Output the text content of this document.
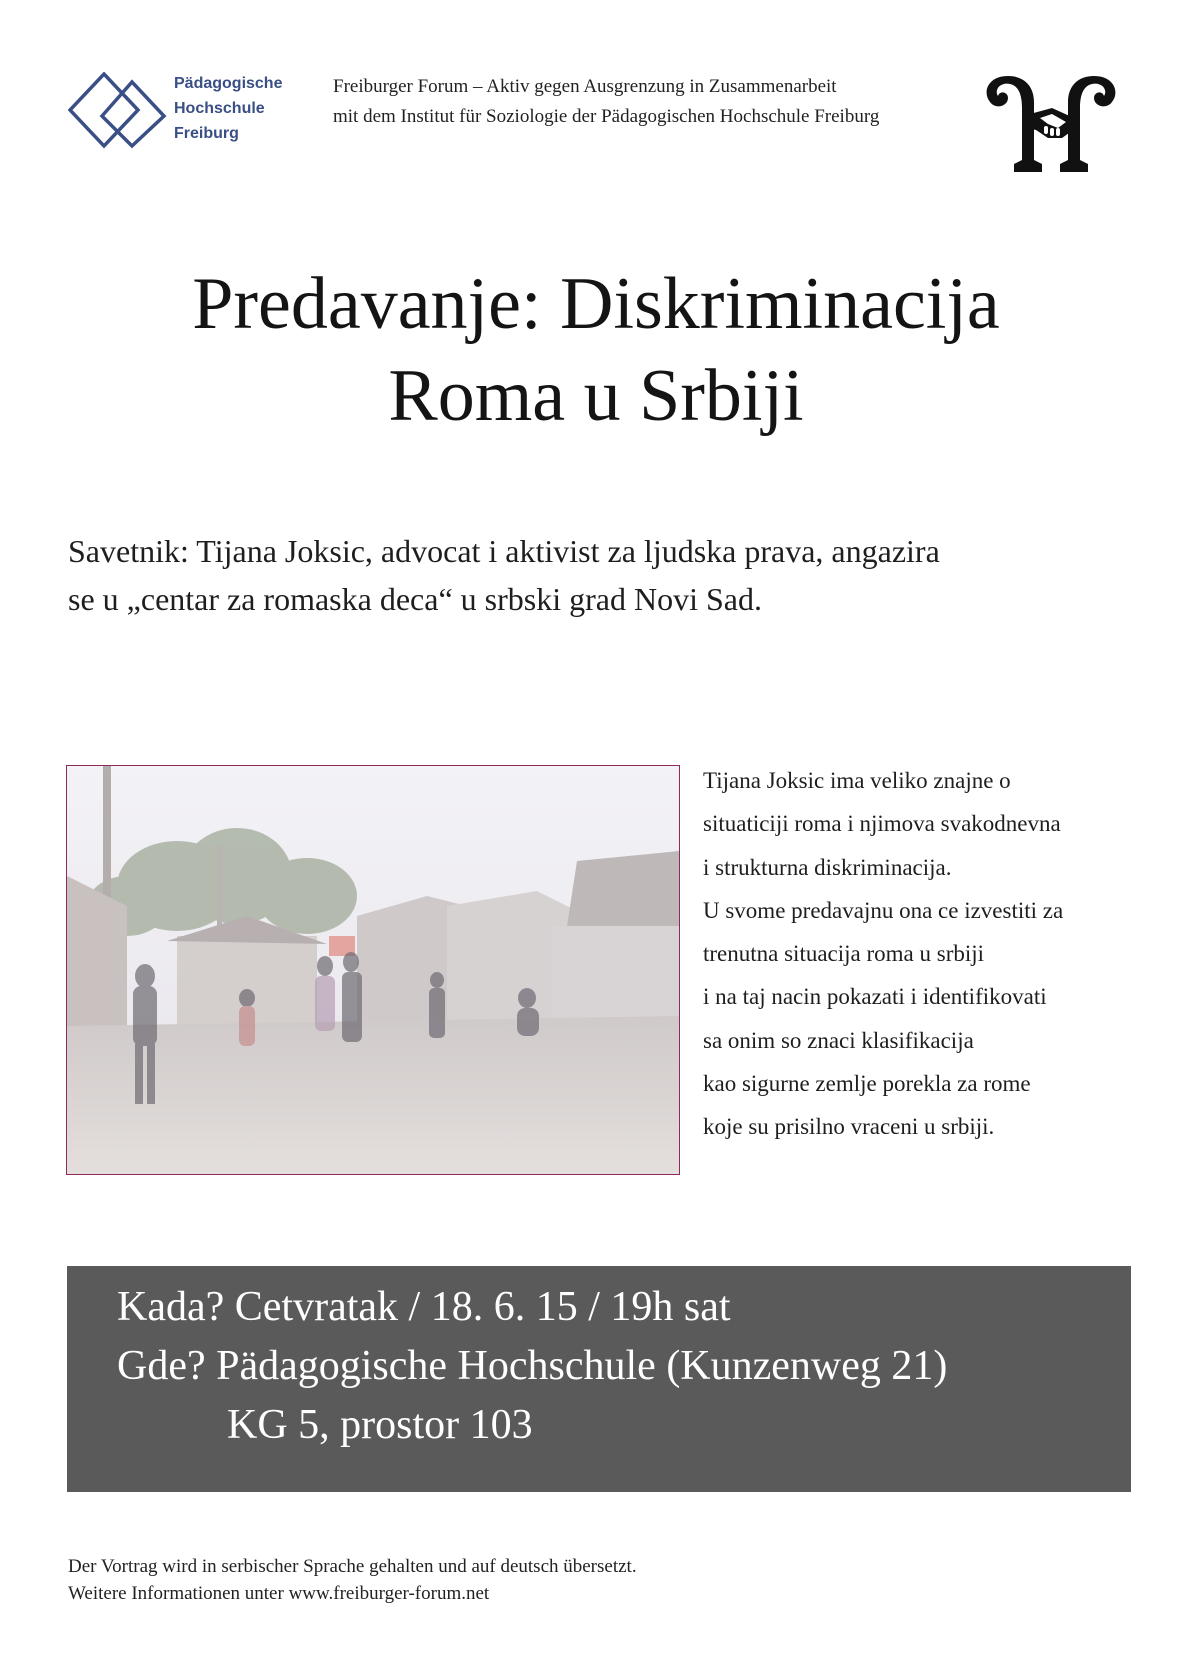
Pädagogische
Hochschule
Freiburg
Freiburger Forum – Aktiv gegen Ausgrenzung in Zusammenarbeit
mit dem Institut für Soziologie der Pädagogischen Hochschule Freiburg
Predavanje: Diskriminacija
Roma u Srbiji
Savetnik: Tijana Joksic, advocat i aktivist za ljudska prava, angazira
se u „centar za romaska deca“ u srbski grad Novi Sad.
Tijana Joksic ima veliko znajne o
situaticiji roma i njimova svakodnevna
i strukturna diskriminacija.
U svome predavajnu ona ce izvestiti za
trenutna situacija roma u srbiji
i na taj nacin pokazati i identifikovati
sa onim so znaci klasifikacija
kao sigurne zemlje porekla za rome
koje su prisilno vraceni u srbiji.
Kada? Cetvratak / 18. 6. 15 / 19h sat
Gde? Pädagogische Hochschule (Kunzenweg 21)
KG 5, prostor 103
Der Vortrag wird in serbischer Sprache gehalten und auf deutsch übersetzt.
Weitere Informationen unter www.freiburger-forum.net
